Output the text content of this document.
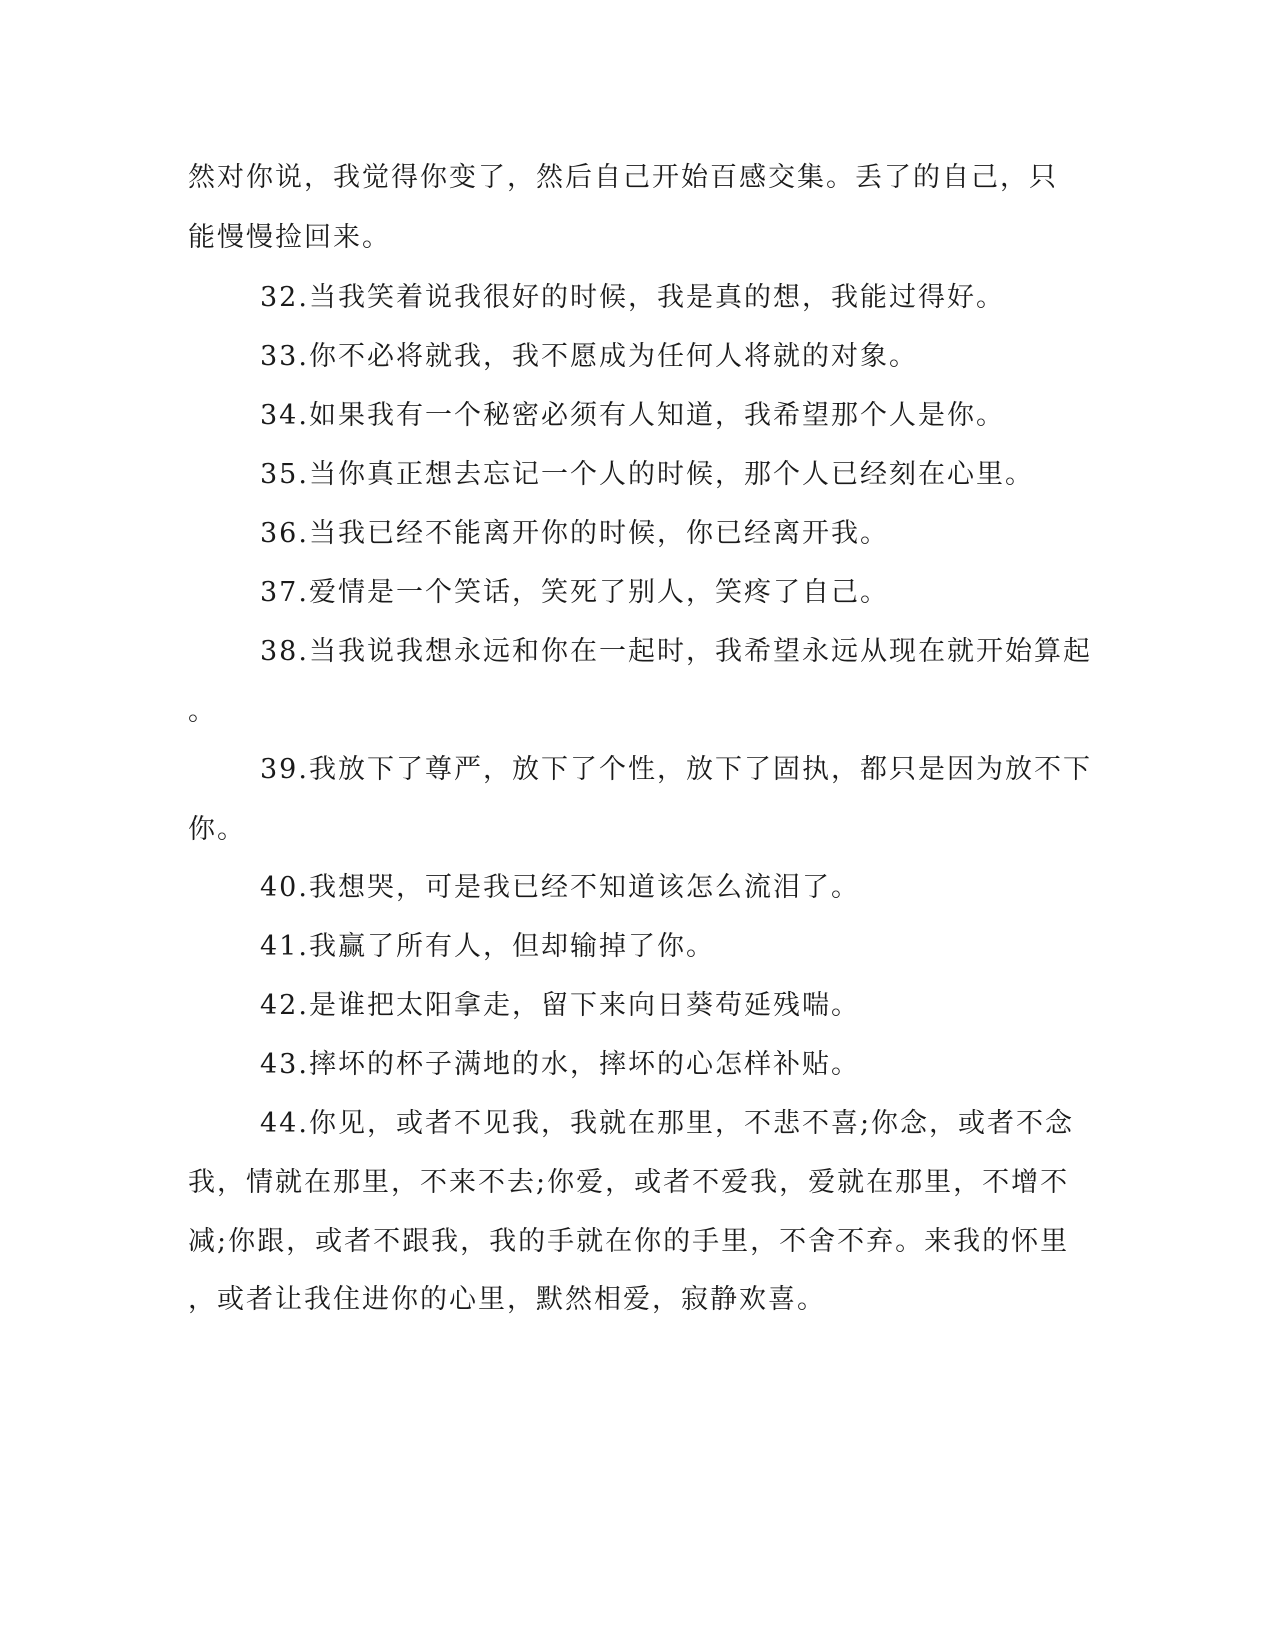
然对你说，我觉得你变了，然后自己开始百感交集。丢了的自己，只
能慢慢捡回来。
32.当我笑着说我很好的时候，我是真的想，我能过得好。
33.你不必将就我，我不愿成为任何人将就的对象。
34.如果我有一个秘密必须有人知道，我希望那个人是你。
35.当你真正想去忘记一个人的时候，那个人已经刻在心里。
36.当我已经不能离开你的时候，你已经离开我。
37.爱情是一个笑话，笑死了别人，笑疼了自己。
38.当我说我想永远和你在一起时，我希望永远从现在就开始算起
。
39.我放下了尊严，放下了个性，放下了固执，都只是因为放不下
你。
40.我想哭，可是我已经不知道该怎么流泪了。
41.我赢了所有人，但却输掉了你。
42.是谁把太阳拿走，留下来向日葵苟延残喘。
43.摔坏的杯子满地的水，摔坏的心怎样补贴。
44.你见，或者不见我，我就在那里，不悲不喜;你念，或者不念
我，情就在那里，不来不去;你爱，或者不爱我，爱就在那里，不增不
减;你跟，或者不跟我，我的手就在你的手里，不舍不弃。来我的怀里
，或者让我住进你的心里，默然相爱，寂静欢喜。
